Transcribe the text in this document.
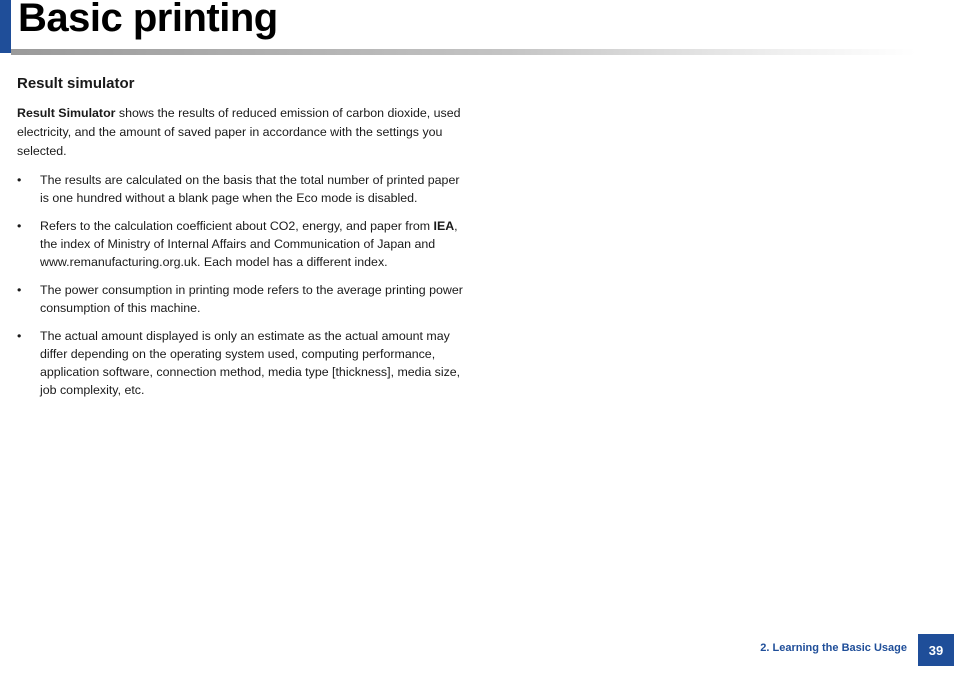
Basic printing
Result simulator

Result Simulator shows the results of reduced emission of carbon dioxide, used electricity, and the amount of saved paper in accordance with the settings you selected.

•	The results are calculated on the basis that the total number of printed paper is one hundred without a blank page when the Eco mode is disabled.
•	Refers to the calculation coefficient about CO2, energy, and paper from IEA, the index of Ministry of Internal Affairs and Communication of Japan and www.remanufacturing.org.uk. Each model has a different index.
•	The power consumption in printing mode refers to the average printing power consumption of this machine.
•	The actual amount displayed is only an estimate as the actual amount may differ depending on the operating system used, computing performance, application software, connection method, media type [thickness], media size, job complexity, etc.
2. Learning the Basic Usage	39
